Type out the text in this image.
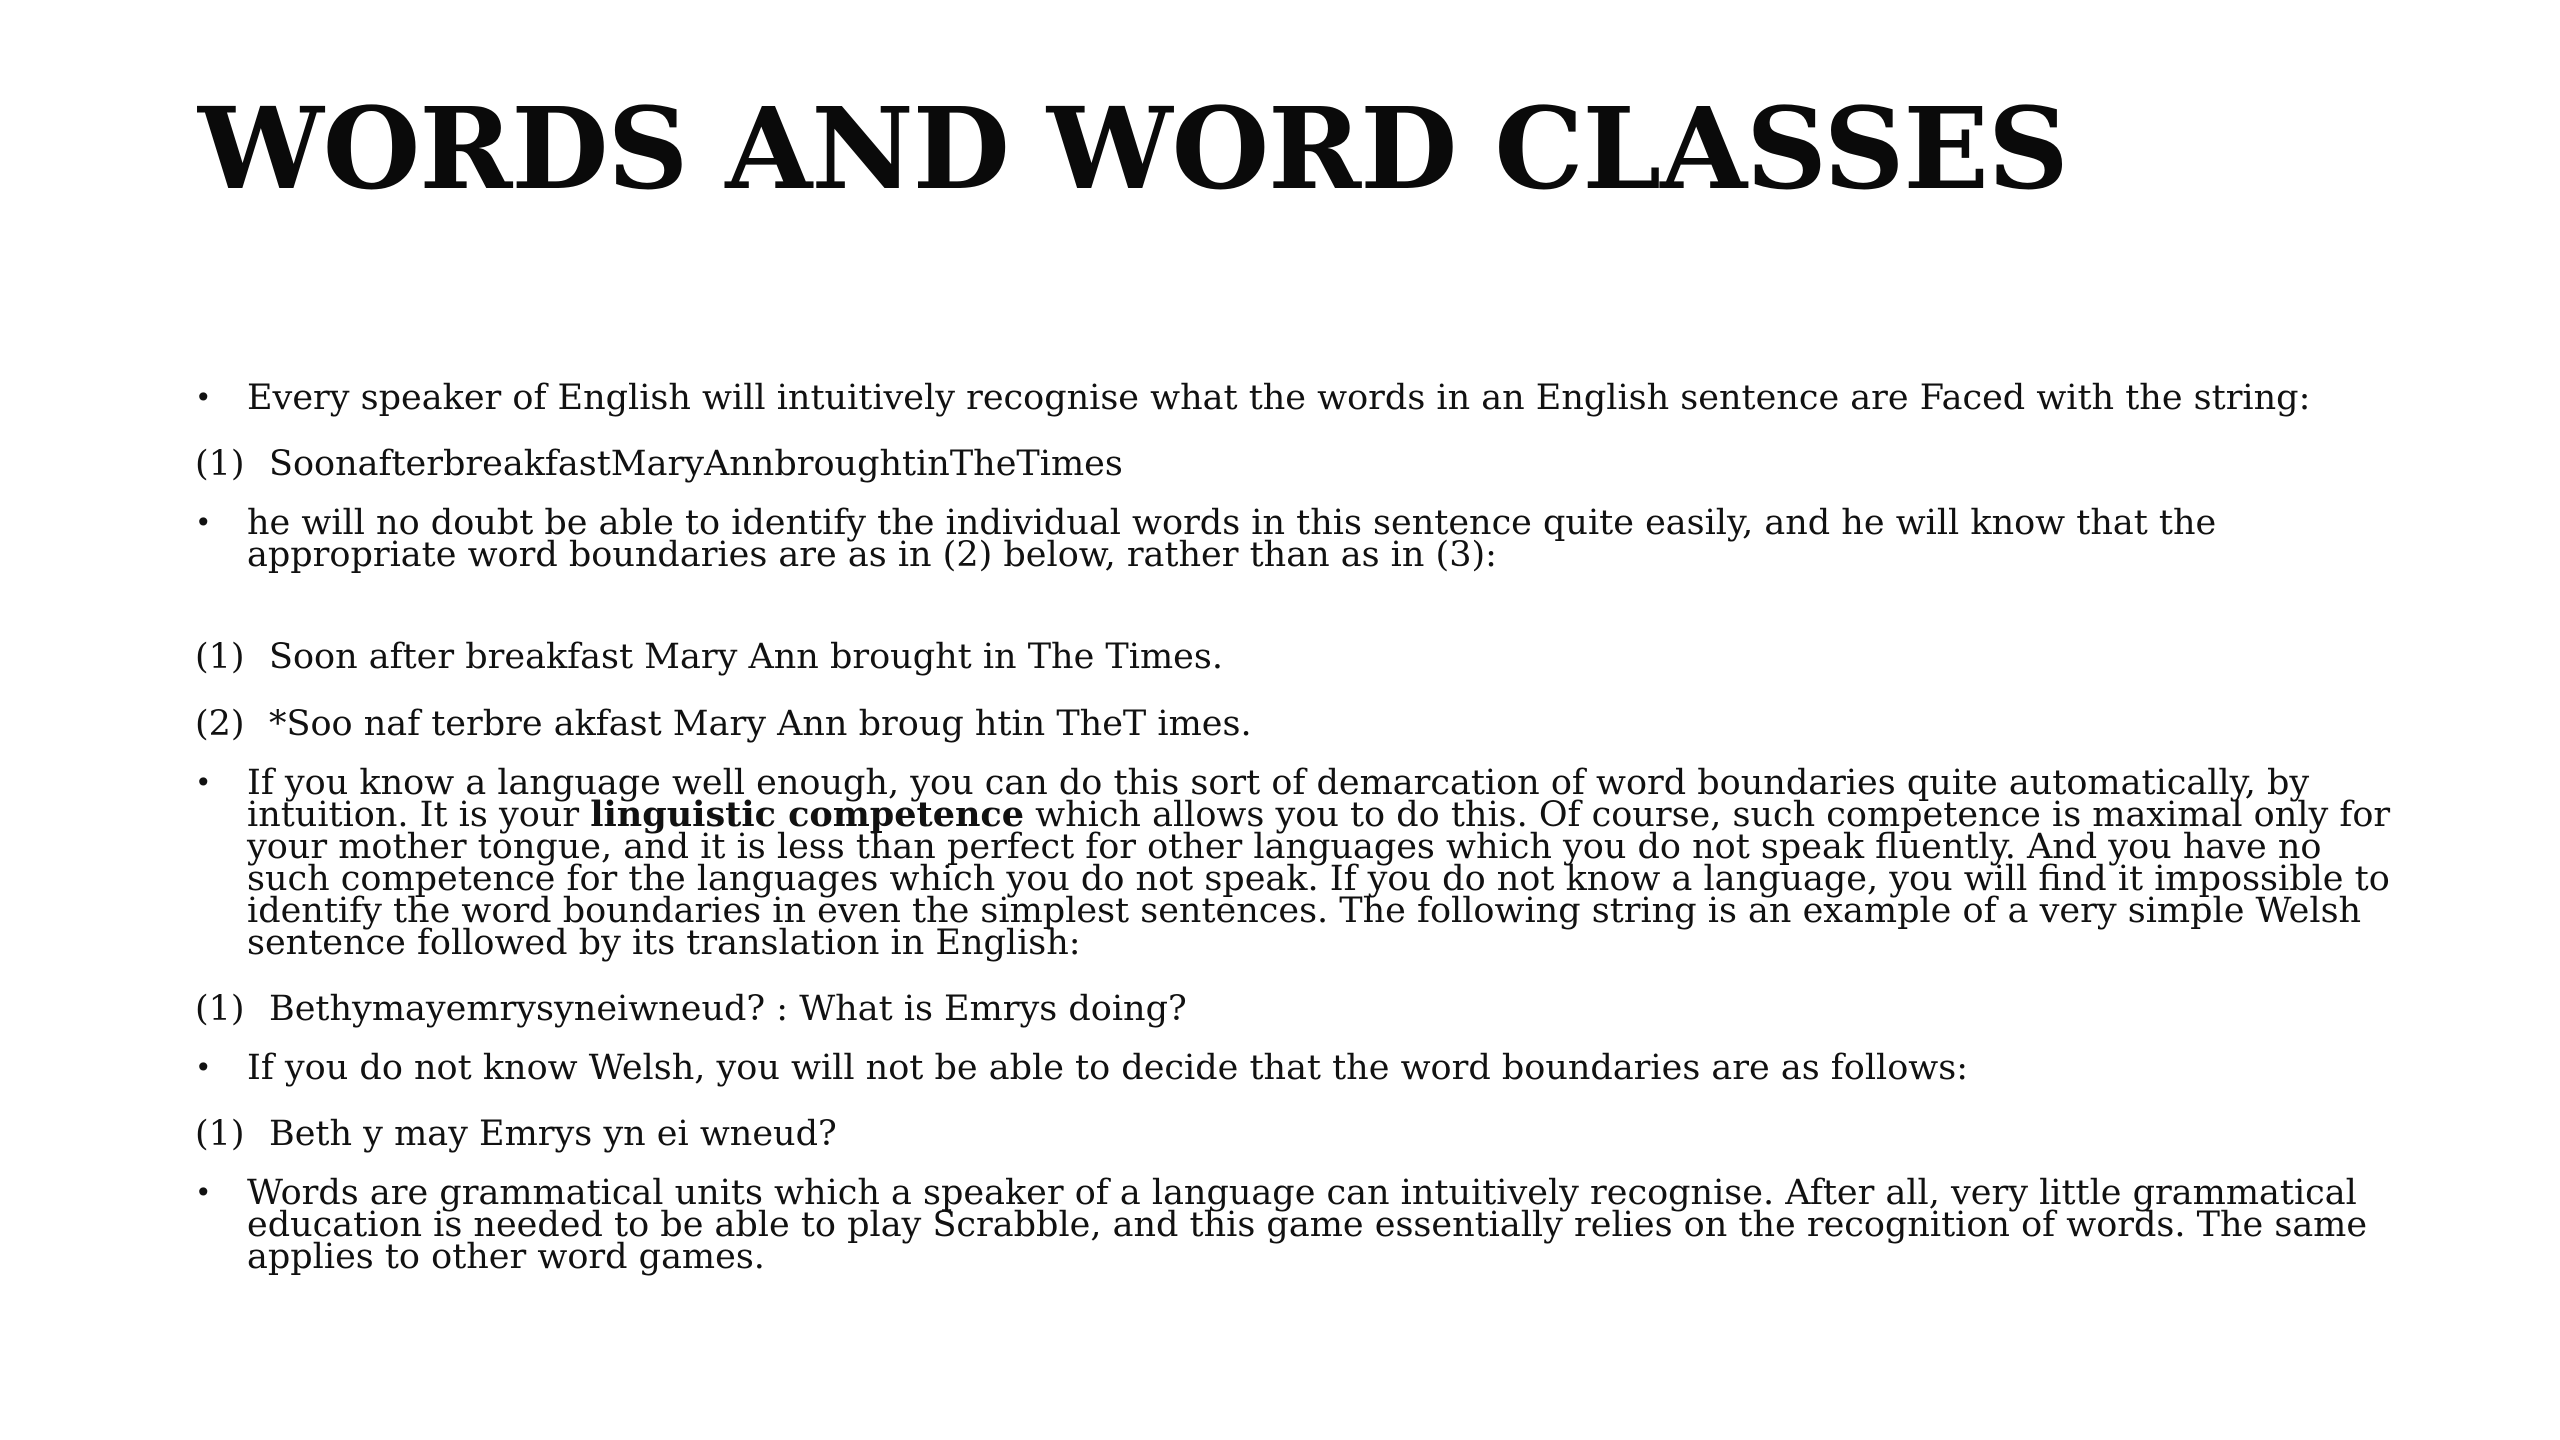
WORDS AND WORD CLASSES
• Every speaker of English will intuitively recognise what the words in an English sentence are Faced with the string:
(1) SoonafterbreakfastMaryAnnbroughtinTheTimes
• he will no doubt be able to identify the individual words in this sentence quite easily, and he will know that the appropriate word boundaries are as in (2) below, rather than as in (3):
(1) Soon after breakfast Mary Ann brought in The Times.
(2) *Soo naf terbre akfast Mary Ann broug htin TheT imes.
• If you know a language well enough, you can do this sort of demarcation of word boundaries quite automatically, by intuition. It is your linguistic competence which allows you to do this. Of course, such competence is maximal only for your mother tongue, and it is less than perfect for other languages which you do not speak fluently. And you have no such competence for the languages which you do not speak. If you do not know a language, you will find it impossible to identify the word boundaries in even the simplest sentences. The following string is an example of a very simple Welsh sentence followed by its translation in English:
(1) Bethymayemrysyneiwneud? : What is Emrys doing?
• If you do not know Welsh, you will not be able to decide that the word boundaries are as follows:
(1) Beth y may Emrys yn ei wneud?
• Words are grammatical units which a speaker of a language can intuitively recognise. After all, very little grammatical education is needed to be able to play Scrabble, and this game essentially relies on the recognition of words. The same applies to other word games.
